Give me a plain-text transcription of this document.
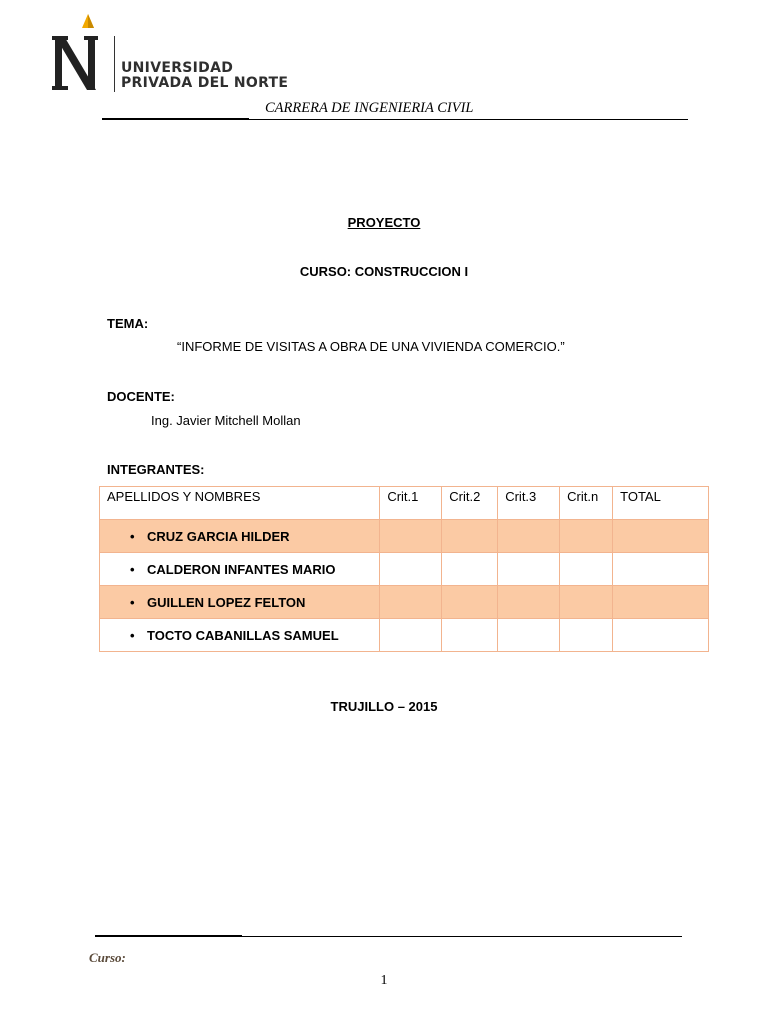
UNIVERSIDAD
PRIVADA DEL NORTE
CARRERA DE INGENIERIA CIVIL
PROYECTO
CURSO: CONSTRUCCION I
TEMA:
“INFORME DE VISITAS A OBRA DE UNA VIVIENDA COMERCIO.”
DOCENTE:
Ing. Javier Mitchell Mollan
INTEGRANTES:
APELLIDOS Y NOMBRES	Crit.1	Crit.2	Crit.3	Crit.n	TOTAL
• CRUZ GARCIA HILDER					
• CALDERON INFANTES MARIO					
• GUILLEN LOPEZ FELTON					
• TOCTO CABANILLAS SAMUEL					
TRUJILLO – 2015
Curso:
1
